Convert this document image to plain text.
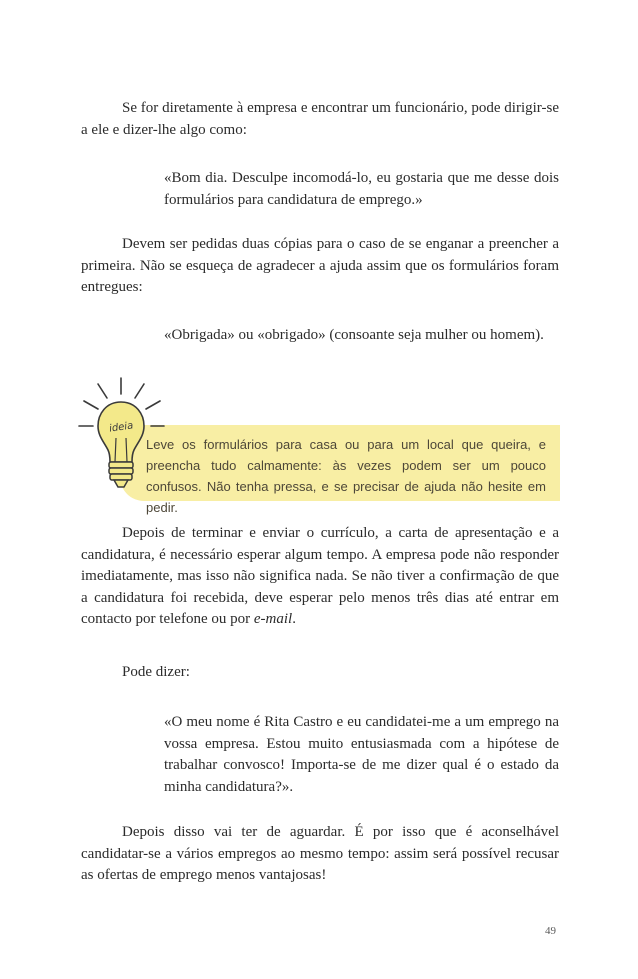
Se for diretamente à empresa e encontrar um funcionário, pode dirigir-se a ele e dizer-lhe algo como:

«Bom dia. Desculpe incomodá-lo, eu gostaria que me desse dois formulários para candidatura de emprego.»

Devem ser pedidas duas cópias para o caso de se enganar a preencher a primeira. Não se esqueça de agradecer a ajuda assim que os formulários foram entregues:

«Obrigada» ou «obrigado» (consoante seja mulher ou homem).

ideia

Leve os formulários para casa ou para um local que queira, e preencha tudo calmamente: às vezes podem ser um pouco confusos. Não tenha pressa, e se precisar de ajuda não hesite em pedir.

Depois de terminar e enviar o currículo, a carta de apresentação e a candidatura, é necessário esperar algum tempo. A empresa pode não responder imediatamente, mas isso não significa nada. Se não tiver a confirmação de que a candidatura foi recebida, deve esperar pelo menos três dias até entrar em contacto por telefone ou por e-mail.

Pode dizer:

«O meu nome é Rita Castro e eu candidatei-me a um emprego na vossa empresa. Estou muito entusiasmada com a hipótese de trabalhar convosco! Importa-se de me dizer qual é o estado da minha candidatura?».

Depois disso vai ter de aguardar. É por isso que é aconselhável candidatar-se a vários empregos ao mesmo tempo: assim será possível recusar as ofertas de emprego menos vantajosas!

49
